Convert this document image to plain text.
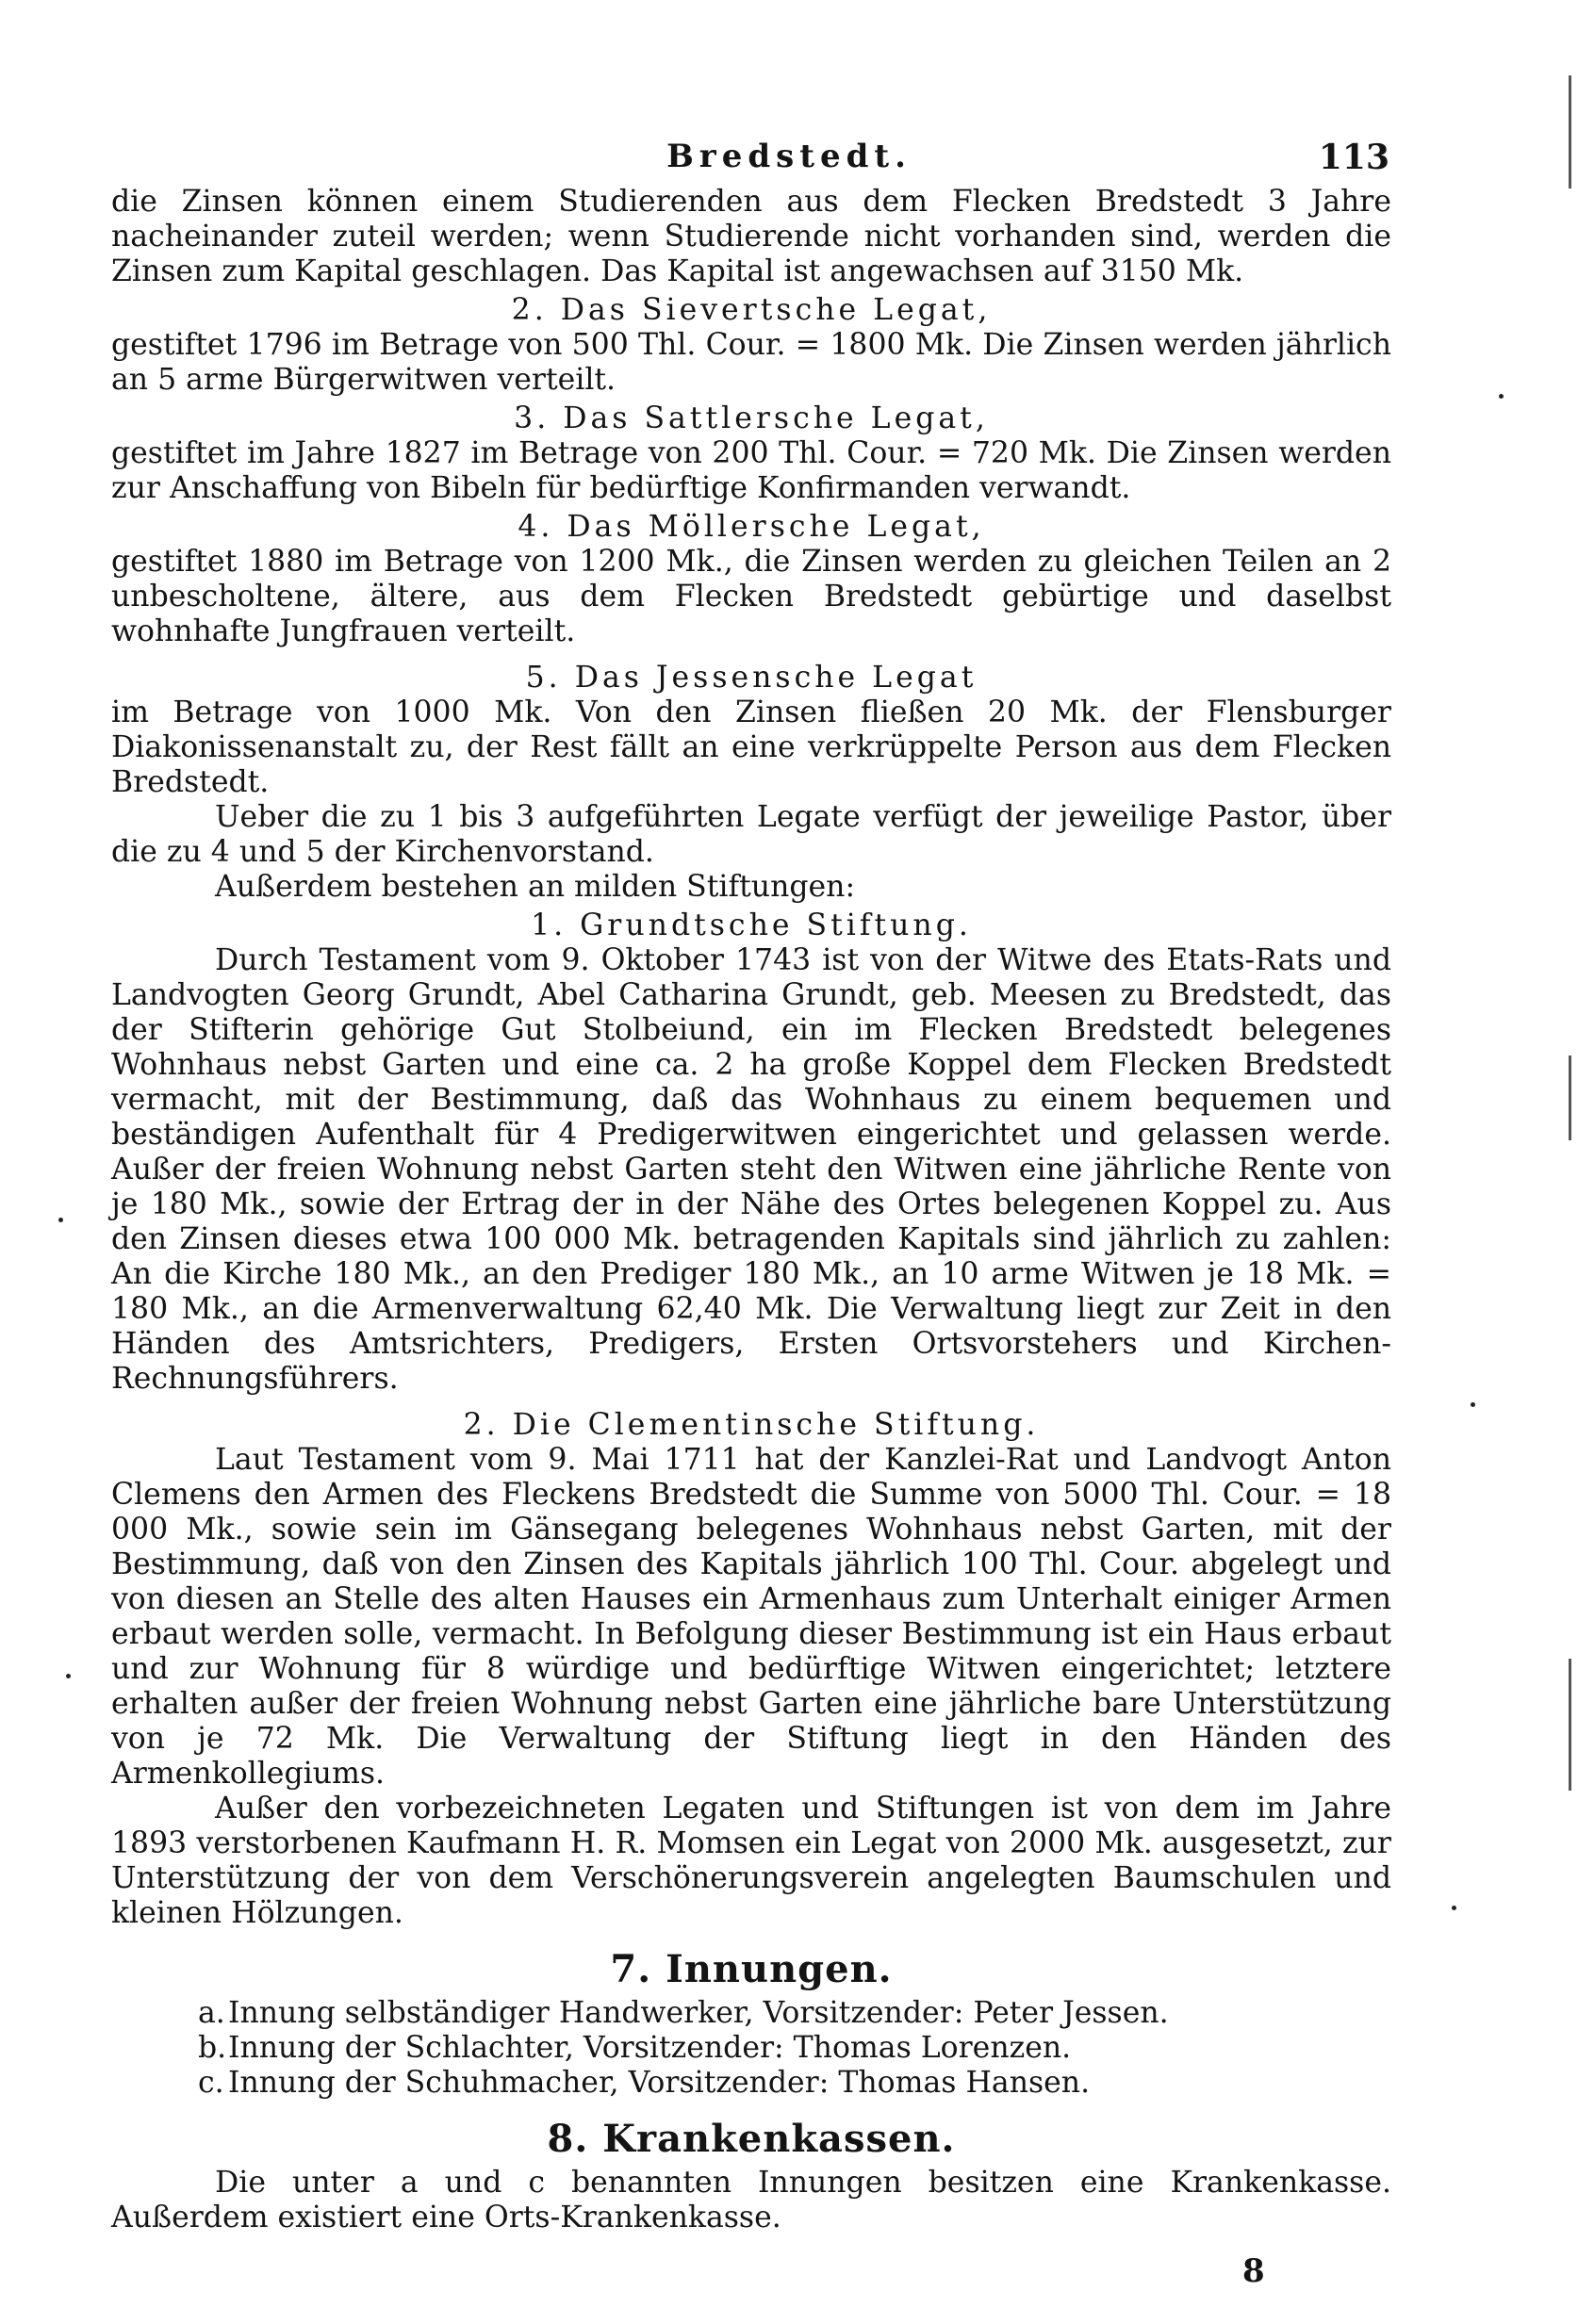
Bredstedt.	113

die Zinsen können einem Studierenden aus dem Flecken Bredstedt 3 Jahre nacheinander zuteil werden; wenn Studierende nicht vorhanden sind, werden die Zinsen zum Kapital geschlagen. Das Kapital ist angewachsen auf 3150 Mk.

2. Das Sievertsche Legat,

gestiftet 1796 im Betrage von 500 Thl. Cour. = 1800 Mk. Die Zinsen werden jährlich an 5 arme Bürgerwitwen verteilt.

3. Das Sattlersche Legat,

gestiftet im Jahre 1827 im Betrage von 200 Thl. Cour. = 720 Mk. Die Zinsen werden zur Anschaffung von Bibeln für bedürftige Konfirmanden verwandt.

4. Das Möllersche Legat,

gestiftet 1880 im Betrage von 1200 Mk., die Zinsen werden zu gleichen Teilen an 2 unbescholtene, ältere, aus dem Flecken Bredstedt gebürtige und daselbst wohnhafte Jungfrauen verteilt.

5. Das Jessensche Legat

im Betrage von 1000 Mk. Von den Zinsen fließen 20 Mk. der Flensburger Diakonissenanstalt zu, der Rest fällt an eine verkrüppelte Person aus dem Flecken Bredstedt.

Ueber die zu 1 bis 3 aufgeführten Legate verfügt der jeweilige Pastor, über die zu 4 und 5 der Kirchenvorstand.

Außerdem bestehen an milden Stiftungen:

1. Grundtsche Stiftung.

Durch Testament vom 9. Oktober 1743 ist von der Witwe des Etats-Rats und Landvogten Georg Grundt, Abel Catharina Grundt, geb. Meesen zu Bredstedt, das der Stifterin gehörige Gut Stolbeiund, ein im Flecken Bredstedt belegenes Wohnhaus nebst Garten und eine ca. 2 ha große Koppel dem Flecken Bredstedt vermacht, mit der Bestimmung, daß das Wohnhaus zu einem bequemen und beständigen Aufenthalt für 4 Predigerwitwen eingerichtet und gelassen werde. Außer der freien Wohnung nebst Garten steht den Witwen eine jährliche Rente von je 180 Mk., sowie der Ertrag der in der Nähe des Ortes belegenen Koppel zu. Aus den Zinsen dieses etwa 100 000 Mk. betragenden Kapitals sind jährlich zu zahlen: An die Kirche 180 Mk., an den Prediger 180 Mk., an 10 arme Witwen je 18 Mk. = 180 Mk., an die Armenverwaltung 62,40 Mk. Die Verwaltung liegt zur Zeit in den Händen des Amtsrichters, Predigers, Ersten Ortsvorstehers und Kirchen-Rechnungsführers.

2. Die Clementinsche Stiftung.

Laut Testament vom 9. Mai 1711 hat der Kanzlei-Rat und Landvogt Anton Clemens den Armen des Fleckens Bredstedt die Summe von 5000 Thl. Cour. = 18 000 Mk., sowie sein im Gänsegang belegenes Wohnhaus nebst Garten, mit der Bestimmung, daß von den Zinsen des Kapitals jährlich 100 Thl. Cour. abgelegt und von diesen an Stelle des alten Hauses ein Armenhaus zum Unterhalt einiger Armen erbaut werden solle, vermacht. In Befolgung dieser Bestimmung ist ein Haus erbaut und zur Wohnung für 8 würdige und bedürftige Witwen eingerichtet; letztere erhalten außer der freien Wohnung nebst Garten eine jährliche bare Unterstützung von je 72 Mk. Die Verwaltung der Stiftung liegt in den Händen des Armenkollegiums.

Außer den vorbezeichneten Legaten und Stiftungen ist von dem im Jahre 1893 verstorbenen Kaufmann H. R. Momsen ein Legat von 2000 Mk. ausgesetzt, zur Unterstützung der von dem Verschönerungsverein angelegten Baumschulen und kleinen Hölzungen.

7. Innungen.
a. Innung selbständiger Handwerker, Vorsitzender: Peter Jessen.
b.Innung der Schlachter, Vorsitzender: Thomas Lorenzen.
c. Innung der Schuhmacher, Vorsitzender: Thomas Hansen.
8. Krankenkassen.

Die unter a und c benannten Innungen besitzen eine Krankenkasse. Außerdem existiert eine Orts-Krankenkasse.

8
